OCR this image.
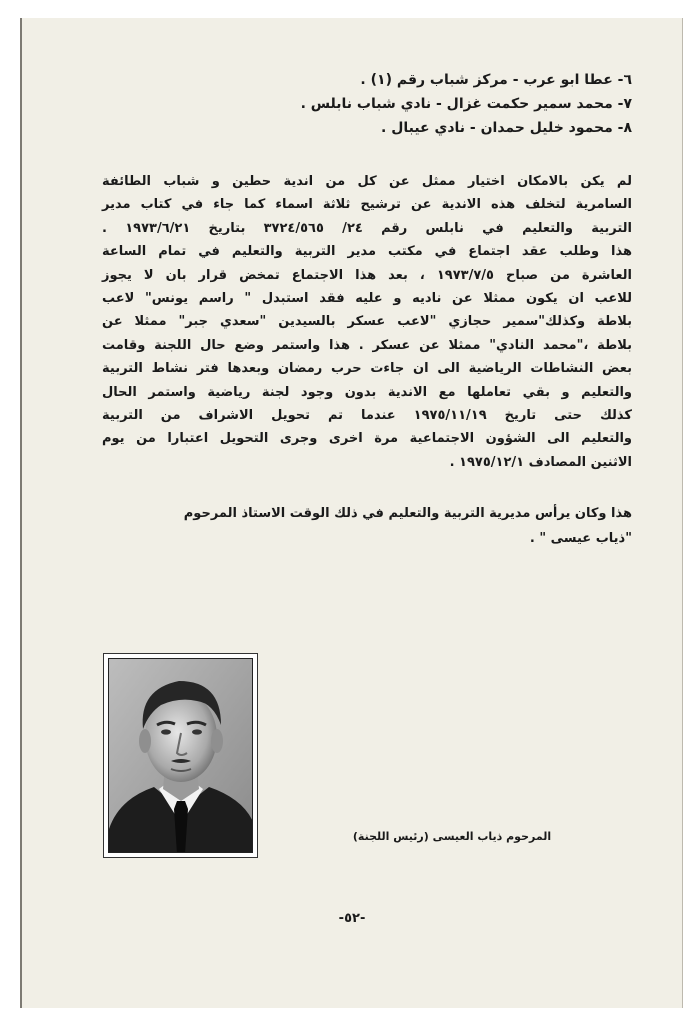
٦- عطا ابو عرب - مركز شباب رقم (١) .
٧- محمد سمير حكمت غزال - نادي شباب نابلس .
٨- محمود خليل حمدان - نادي عيبال .
لم يكن بالامكان اختيار ممثل عن كل من اندية حطين و شباب الطائفة
السامرية لتخلف هذه الاندية عن ترشيح ثلاثة اسماء كما جاء في كتاب مدير
التربية والتعليم في نابلس رقم ٢٤/ ٣٧٢٤/٥٦٥ بتاريخ ١٩٧٣/٦/٢١ .
هذا وطلب عقد اجتماع في مكتب مدير التربية والتعليم في تمام الساعة
العاشرة من صباح ١٩٧٣/٧/٥ ، بعد هذا الاجتماع تمخض قرار بان لا يجوز
للاعب ان يكون ممثلا عن ناديه و عليه فقد استبدل " راسم يونس" لاعب
بلاطة وكذلك"سمير حجازي "لاعب عسكر بالسيدين "سعدي جبر" ممثلا عن
بلاطة ،"محمد النادي" ممثلا عن عسكر . هذا واستمر وضع حال اللجنة وقامت
بعض النشاطات الرياضية الى ان جاءت حرب رمضان وبعدها فتر نشاط التربية
والتعليم و بقي تعاملها مع الاندية بدون وجود لجنة رياضية واستمر الحال
كذلك حتى تاريخ ١٩٧٥/١١/١٩ عندما تم تحويل الاشراف من التربية
والتعليم الى الشؤون الاجتماعية مرة اخرى وجرى التحويل اعتبارا من يوم
الاثنين المصادف ١٩٧٥/١٢/١ .
هذا وكان يرأس مديرية التربية والتعليم في ذلك الوقت الاستاذ المرحوم
"ذياب عيسى " .
المرحوم ذياب العيسى (رئيس اللجنة)
-٥٢-
